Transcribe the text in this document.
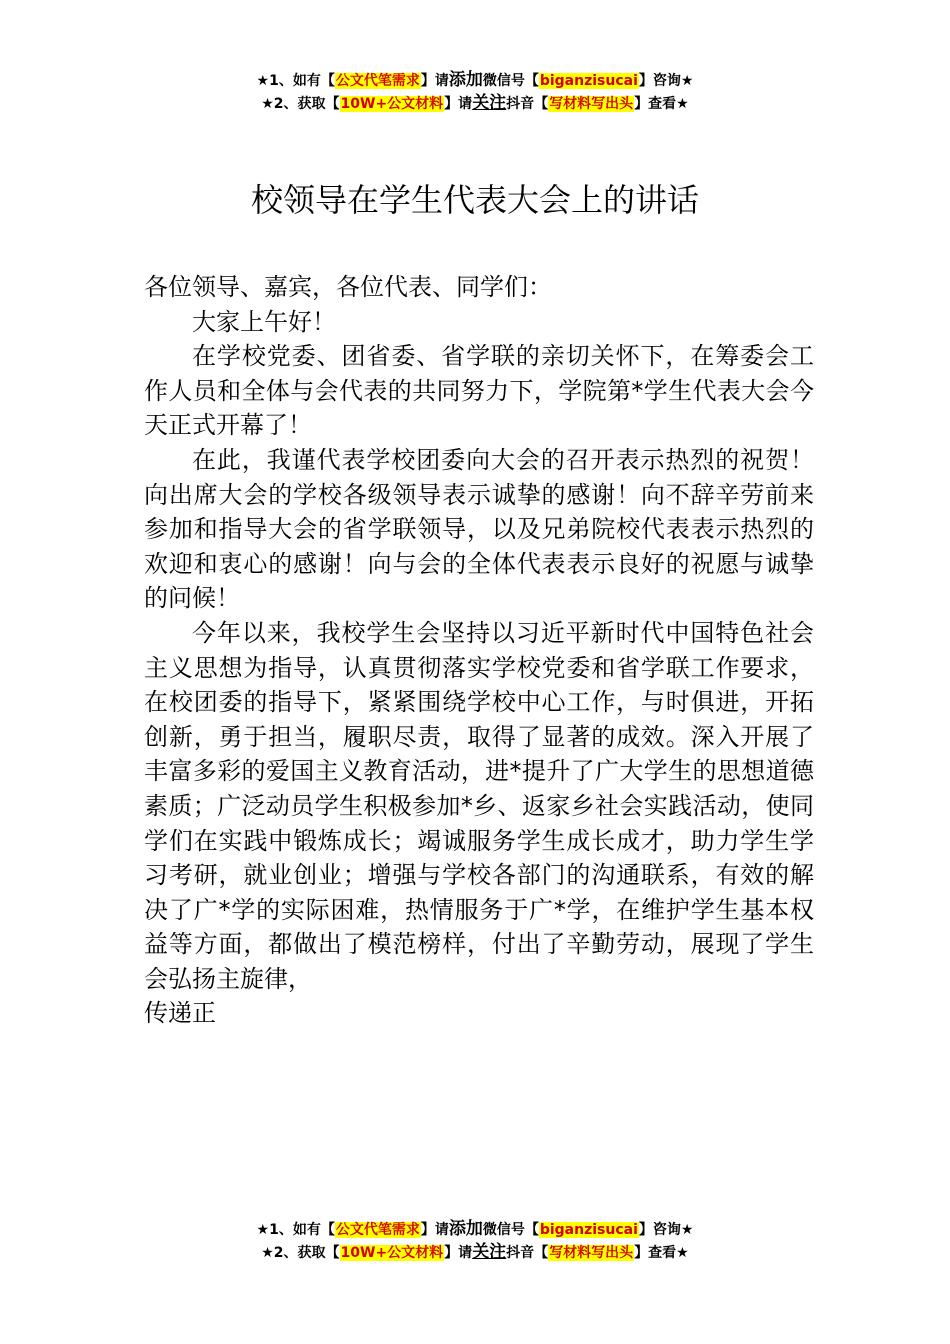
★1、如有【公文代笔需求】请添加微信号【biganzisucai】咨询★
★2、获取【10W+公文材料】请关注抖音【写材料写出头】查看★
校领导在学生代表大会上的讲话

各位领导、嘉宾，各位代表、同学们：

大家上午好！

在学校党委、团省委、省学联的亲切关怀下，在筹委会工作人员和全体与会代表的共同努力下，学院第*学生代表大会今天正式开幕了！

在此，我谨代表学校团委向大会的召开表示热烈的祝贺！向出席大会的学校各级领导表示诚挚的感谢！向不辞辛劳前来参加和指导大会的省学联领导，以及兄弟院校代表表示热烈的欢迎和衷心的感谢！向与会的全体代表表示良好的祝愿与诚挚的问候！

今年以来，我校学生会坚持以习近平新时代中国特色社会主义思想为指导，认真贯彻落实学校党委和省学联工作要求，在校团委的指导下，紧紧围绕学校中心工作，与时俱进，开拓创新，勇于担当，履职尽责，取得了显著的成效。深入开展了丰富多彩的爱国主义教育活动，进*提升了广大学生的思想道德素质；广泛动员学生积极参加*乡、返家乡社会实践活动，使同学们在实践中锻炼成长；竭诚服务学生成长成才，助力学生学习考研，就业创业；增强与学校各部门的沟通联系，有效的解决了广*学的实际困难，热情服务于广*学，在维护学生基本权益等方面，都做出了模范榜样，付出了辛勤劳动，展现了学生会弘扬主旋律，

传递正

★1、如有【公文代笔需求】请添加微信号【biganzisucai】咨询★
★2、获取【10W+公文材料】请关注抖音【写材料写出头】查看★
